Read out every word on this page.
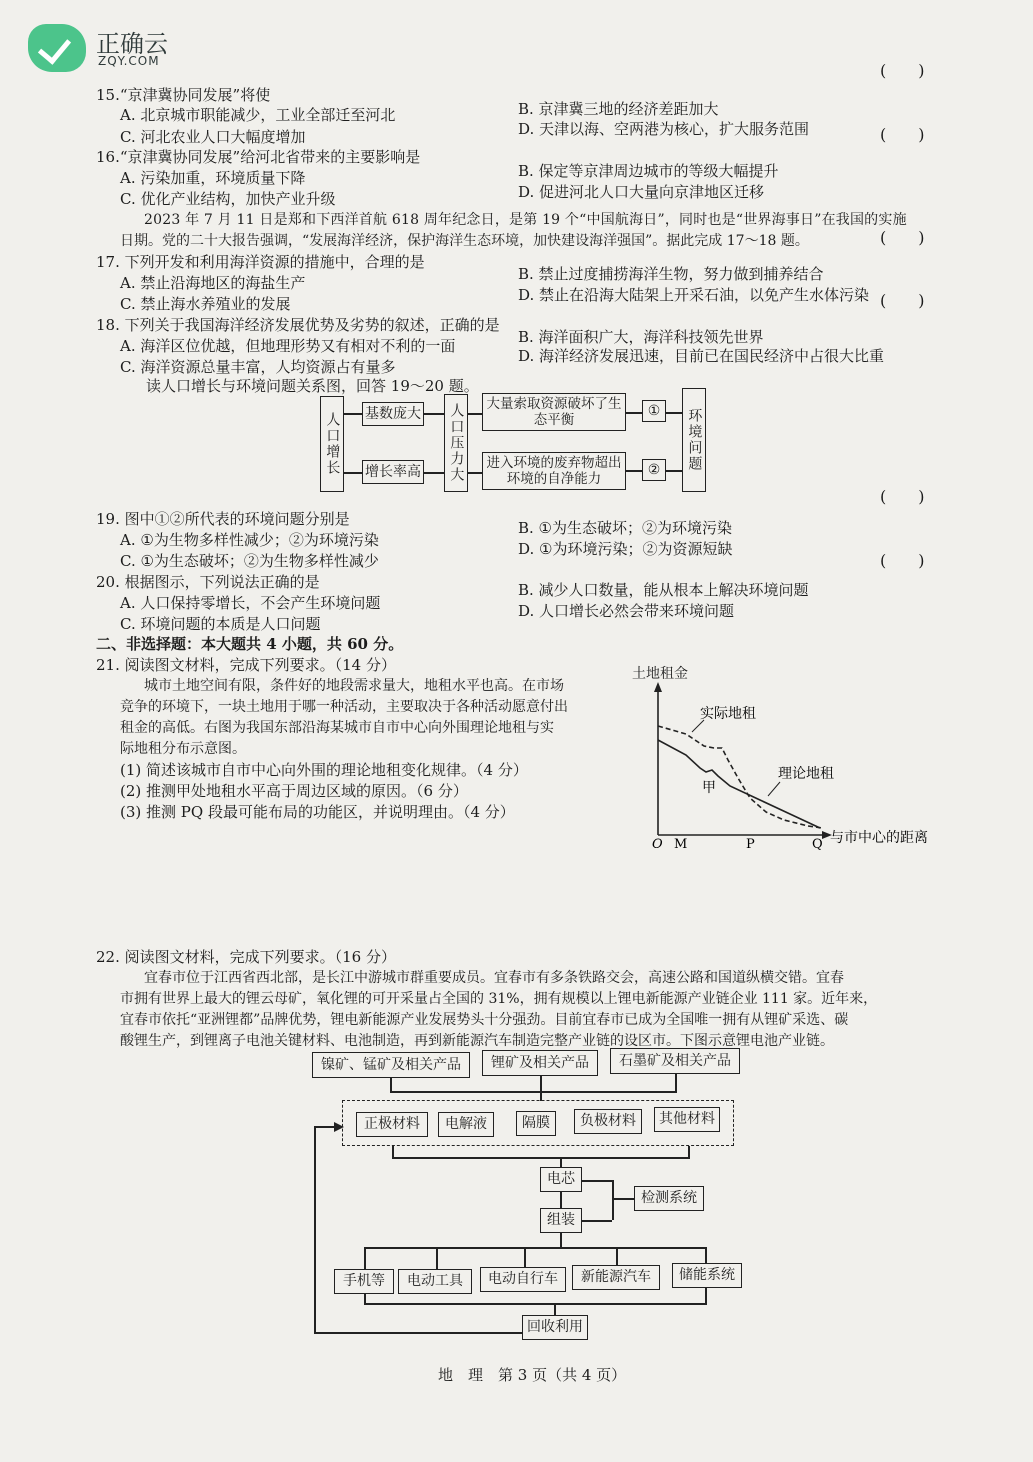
正确云
ZQY.COM	(　　)
(　　)
(　　)
(　　)
(　　)
(　　)
15.“京津冀协同发展”将使
A. 北京城市职能减少，工业全部迁至河北	B. 京津冀三地的经济差距加大
C. 河北农业人口大幅度增加	D. 天津以海、空两港为核心，扩大服务范围
16.“京津冀协同发展”给河北省带来的主要影响是
A. 污染加重，环境质量下降	B. 保定等京津周边城市的等级大幅提升
C. 优化产业结构，加快产业升级	D. 促进河北人口大量向京津地区迁移
2023 年 7 月 11 日是郑和下西洋首航 618 周年纪念日，是第 19 个“中国航海日”，同时也是“世界海事日”在我国的实施
日期。党的二十大报告强调，“发展海洋经济，保护海洋生态环境，加快建设海洋强国”。据此完成 17～18 题。
17. 下列开发和利用海洋资源的措施中，合理的是
A. 禁止沿海地区的海盐生产	B. 禁止过度捕捞海洋生物，努力做到捕养结合
C. 禁止海水养殖业的发展	D. 禁止在沿海大陆架上开采石油，以免产生水体污染
18. 下列关于我国海洋经济发展优势及劣势的叙述，正确的是
A. 海洋区位优越，但地理形势又有相对不利的一面	B. 海洋面积广大，海洋科技领先世界
C. 海洋资源总量丰富，人均资源占有量多
D. 海洋经济发展迅速，目前已在国民经济中占很大比重
读人口增长与环境问题关系图，回答 19～20 题。
人口增长 基数庞大
增长率高	人口压力大	大量索取资源破坏了生态平衡
进入环境的废弃物超出环境的自净能力
①
②	环境问题
19. 图中①②所代表的环境问题分别是
A. ①为生物多样性减少；②为环境污染
B. ①为生态破坏；②为环境污染
C. ①为生态破坏；②为生物多样性减少
D. ①为环境污染；②为资源短缺
20. 根据图示，下列说法正确的是
A. 人口保持零增长，不会产生环境问题
B. 减少人口数量，能从根本上解决环境问题
C. 环境问题的本质是人口问题
D. 人口增长必然会带来环境问题
二、非选择题：本大题共 4 小题，共 60 分。
21. 阅读图文材料，完成下列要求。（14 分）
城市土地空间有限，条件好的地段需求量大，地租水平也高。在市场
竞争的环境下，一块土地用于哪一种活动，主要取决于各种活动愿意付出
租金的高低。右图为我国东部沿海某城市自市中心向外围理论地租与实
际地租分布示意图。
(1) 简述该城市自市中心向外围的理论地租变化规律。（4 分）
(2) 推测甲处地租水平高于周边区域的原因。（6 分）
(3) 推测 PQ 段最可能布局的功能区，并说明理由。（4 分）
土地租金
O M	P	Q 与市中心的距离
实际地租
理论地租
甲
22. 阅读图文材料，完成下列要求。（16 分）
宜春市位于江西省西北部，是长江中游城市群重要成员。宜春市有多条铁路交会，高速公路和国道纵横交错。宜春
市拥有世界上最大的锂云母矿，氧化锂的可开采量占全国的 31%，拥有规模以上锂电新能源产业链企业 111 家。近年来，
宜春市依托“亚洲锂都”品牌优势，锂电新能源产业发展势头十分强劲。目前宜春市已成为全国唯一拥有从锂矿采选、碳
酸锂生产，到锂离子电池关键材料、电池制造，再到新能源汽车制造完整产业链的设区市。下图示意锂电池产业链。
镍矿、锰矿及相关产品	锂矿及相关产品	石墨矿及相关产品
正极材料	电解液	隔膜	负极材料	其他材料
电芯
组装
检测系统
手机等	电动工具	电动自行车	新能源汽车	储能系统
回收利用
地　理　第 3 页（共 4 页）
